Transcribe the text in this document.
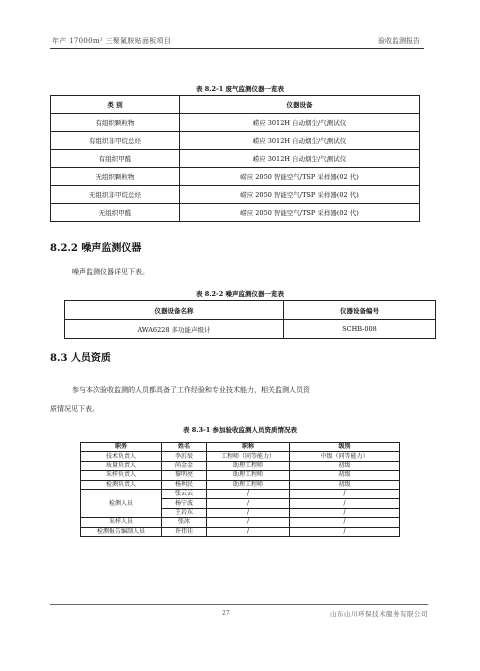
年产 17000m² 三聚氰胺贴面板项目	验收监测报告
表 8.2-1 废气监测仪器一览表
类 别	仪器设备
有组织颗粒物	崂应 3012H 自动烟尘/气测试仪
有组织非甲烷总烃	崂应 3012H 自动烟尘/气测试仪
有组织甲醛	崂应 3012H 自动烟尘/气测试仪
无组织颗粒物	崂应 2050 智能空气/TSP 采样器(02 代)
无组织非甲烷总烃	崂应 2050 智能空气/TSP 采样器(02 代)
无组织甲醛	崂应 2050 智能空气/TSP 采样器(02 代)
8.2.2 噪声监测仪器
噪声监测仪器详见下表。
表 8.2-2 噪声监测仪器一览表
仪器设备名称	仪器设备编号
AWA6228 多功能声级计	SCHB-008
8.3 人员资质
参与本次验收监测的人员都具备了工作经验和专业技术能力，相关监测人员资
质情况见下表。
表 8.3-1 参加验收监测人员资质情况表
职务	姓名	职称	级别
技术负责人	李沂辰	工程师（同等能力）	中级（同等能力）
质量负责人	尚金金	助理工程师	初级
采样负责人	黎明亮	助理工程师	初级
检测负责人	杨利民	助理工程师	初级
检测人员	张云云	/	/
	杨宁波	/	/
	王岩东	/	/
采样人员	张冰	/	/
检测报告编制人员	许伟佳	/	/
27	山东山川环保技术服务有限公司
